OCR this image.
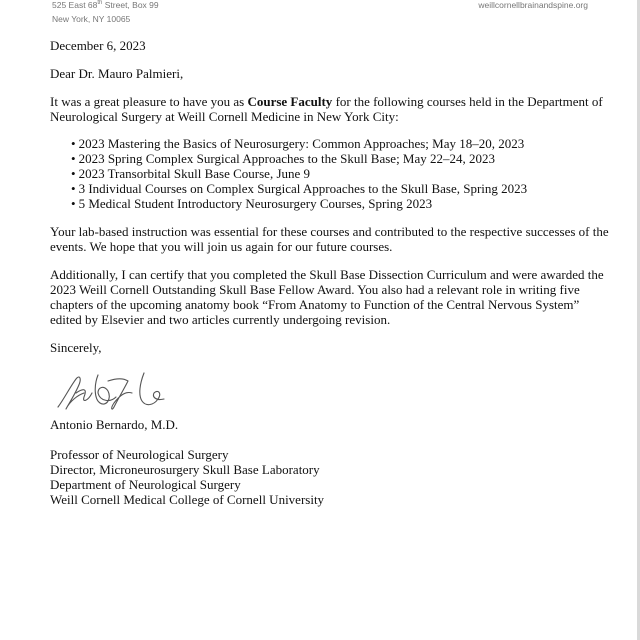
525 East 68th Street, Box 99
New York, NY 10065
weillcornellbrainandspine.org

December 6, 2023

Dear Dr. Mauro Palmieri,

It was a great pleasure to have you as Course Faculty for the following courses held in the Department of Neurological Surgery at Weill Cornell Medicine in New York City:

• 2023 Mastering the Basics of Neurosurgery: Common Approaches; May 18–20, 2023
• 2023 Spring Complex Surgical Approaches to the Skull Base; May 22–24, 2023
• 2023 Transorbital Skull Base Course, June 9
• 3 Individual Courses on Complex Surgical Approaches to the Skull Base, Spring 2023
• 5 Medical Student Introductory Neurosurgery Courses, Spring 2023

Your lab-based instruction was essential for these courses and contributed to the respective successes of the events. We hope that you will join us again for our future courses.

Additionally, I can certify that you completed the Skull Base Dissection Curriculum and were awarded the 2023 Weill Cornell Outstanding Skull Base Fellow Award. You also had a relevant role in writing five chapters of the upcoming anatomy book “From Anatomy to Function of the Central Nervous System” edited by Elsevier and two articles currently undergoing revision.

Sincerely,

Antonio Bernardo, M.D.

Professor of Neurological Surgery
Director, Microneurosurgery Skull Base Laboratory
Department of Neurological Surgery
Weill Cornell Medical College of Cornell University
